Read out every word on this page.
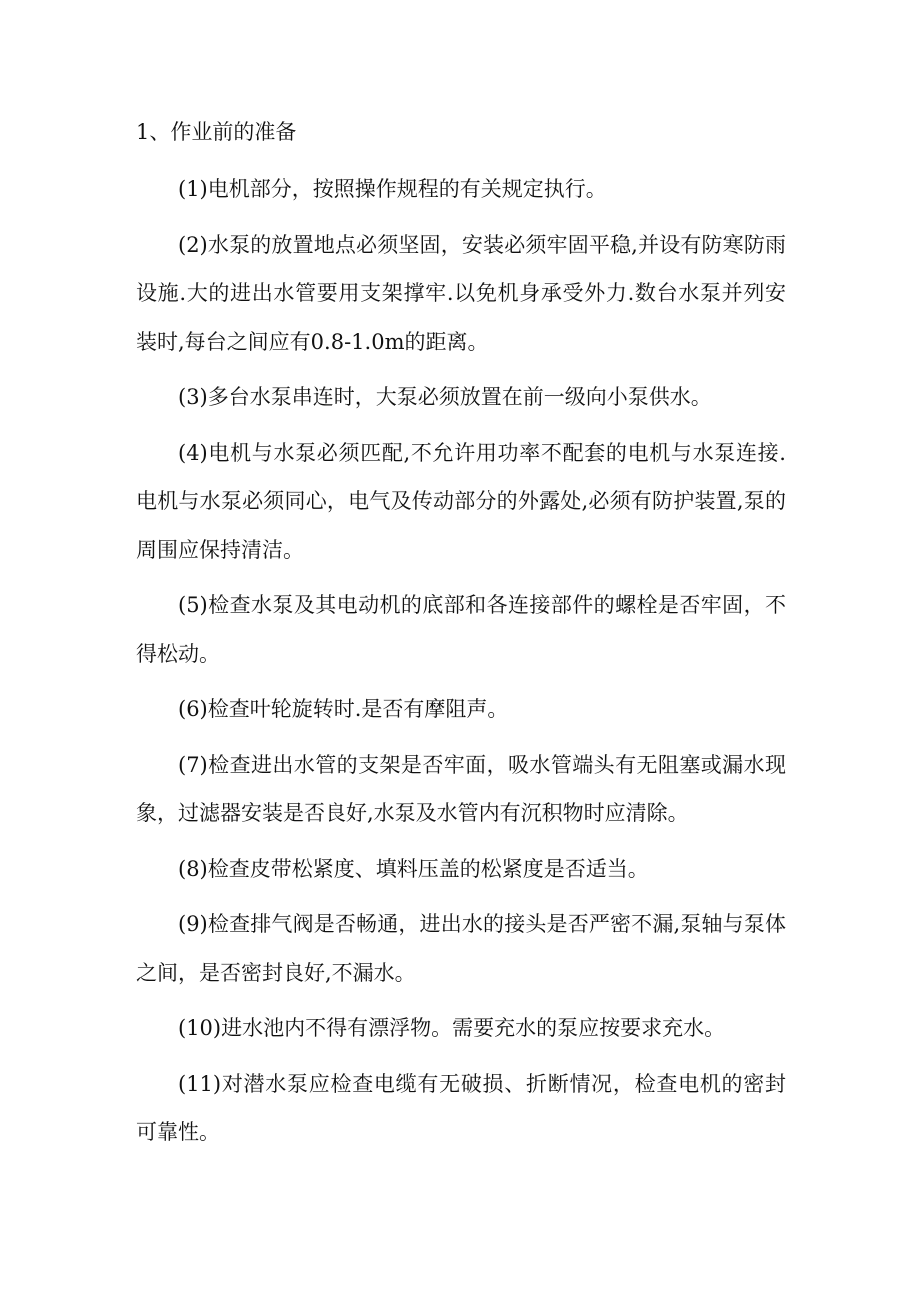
1、作业前的准备

(1)电机部分，按照操作规程的有关规定执行。

(2)水泵的放置地点必须坚固，安装必须牢固平稳,并设有防寒防雨设施.大的进出水管要用支架撑牢.以免机身承受外力.数台水泵并列安装时,每台之间应有0.8-1.0m的距离。

(3)多台水泵串连时，大泵必须放置在前一级向小泵供水。

(4)电机与水泵必须匹配,不允许用功率不配套的电机与水泵连接.电机与水泵必须同心，电气及传动部分的外露处,必须有防护装置,泵的周围应保持清洁。

(5)检查水泵及其电动机的底部和各连接部件的螺栓是否牢固，不得松动。

(6)检查叶轮旋转时.是否有摩阻声。

(7)检查进出水管的支架是否牢面，吸水管端头有无阻塞或漏水现象，过滤器安装是否良好,水泵及水管内有沉积物时应清除。

(8)检查皮带松紧度、填料压盖的松紧度是否适当。

(9)检查排气阀是否畅通，进出水的接头是否严密不漏,泵轴与泵体之间，是否密封良好,不漏水。

(10)进水池内不得有漂浮物。需要充水的泵应按要求充水。

(11)对潜水泵应检查电缆有无破损、折断情况，检查电机的密封可靠性。
